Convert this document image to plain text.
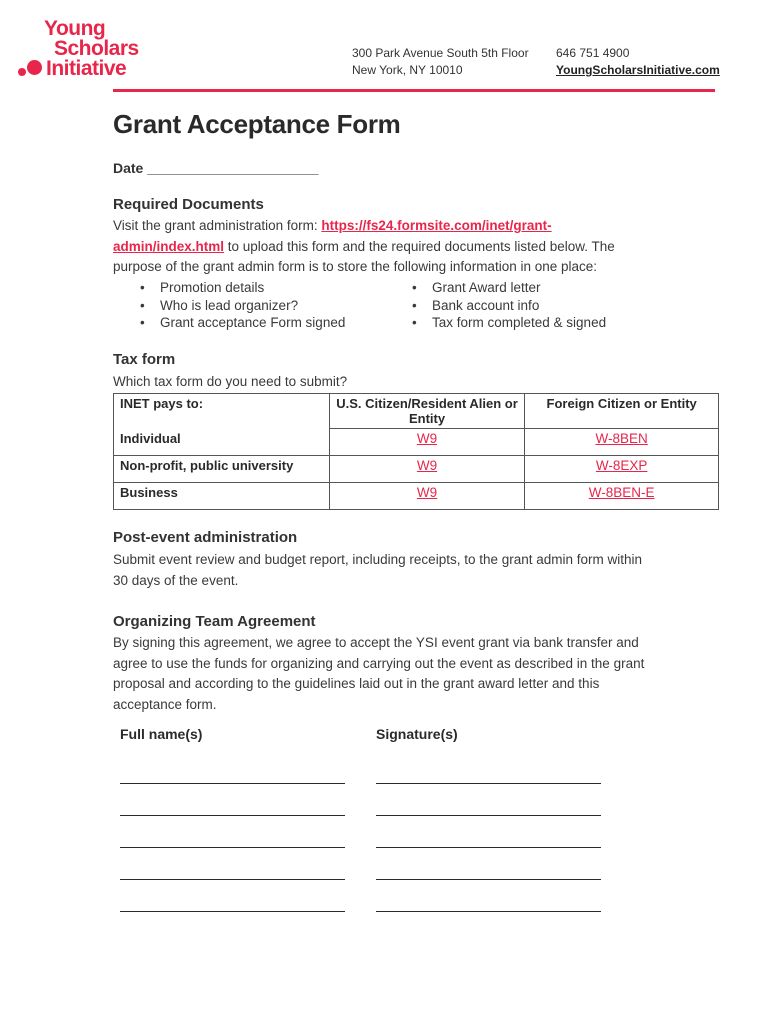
Young
Scholars
Initiative
300 Park Avenue South 5th Floor
New York, NY 10010
646 751 4900
YoungScholarsInitiative.com
Grant Acceptance Form
Date ______________________
Required Documents
Visit the grant administration form: https://fs24.formsite.com/inet/grant-
admin/index.html to upload this form and the required documents listed below. The
purpose of the grant admin form is to store the following information in one place:
• Promotion details
• Who is lead organizer?
• Grant acceptance Form signed
• Grant Award letter
• Bank account info
• Tax form completed & signed
Tax form
Which tax form do you need to submit?
INET pays to:	U.S. Citizen/Resident Alien or Entity	Foreign Citizen or Entity
Individual	W9	W-8BEN
Non-profit, public university	W9	W-8EXP
Business	W9	W-8BEN-E
Post-event administration
Submit event review and budget report, including receipts, to the grant admin form within
30 days of the event.
Organizing Team Agreement
By signing this agreement, we agree to accept the YSI event grant via bank transfer and
agree to use the funds for organizing and carrying out the event as described in the grant
proposal and according to the guidelines laid out in the grant award letter and this
acceptance form.
Full name(s)	Signature(s)
